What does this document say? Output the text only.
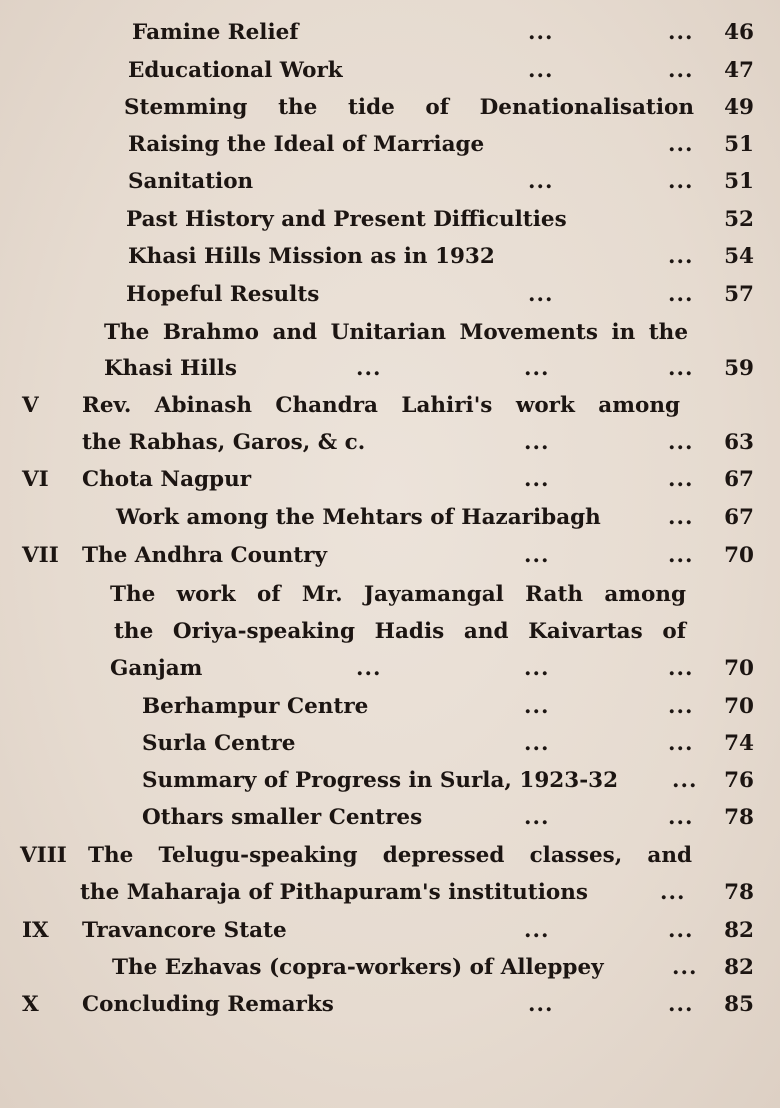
Famine Relief	...	... 46
Educational Work	...	... 47
Stemming the tide of Denationalisation 49
Raising the Ideal of Marriage	... 51
Sanitation	...	... 51
Past History and Present Difficulties	52
Khasi Hills Mission as in 1932	... 54
Hopeful Results	...	... 57
The Brahmo and Unitarian Movements in the
Khasi Hills	...	...	... 59
V Rev. Abinash Chandra Lahiri's work among
the Rabhas, Garos, & c.	...	... 63
VI Chota Nagpur	...	... 67
Work among the Mehtars of Hazaribagh	... 67
VII The Andhra Country	...	... 70
The work of Mr. Jayamangal Rath among
the Oriya-speaking Hadis and Kaivartas of
Ganjam	...	...	... 70
Berhampur Centre	...	... 70
Surla Centre	...	... 74
Summary of Progress in Surla, 1923-32	... 76
Othars smaller Centres	...	... 78
VIII The Telugu-speaking depressed classes, and
the Maharaja of Pithapuram's institutions	... 78
IX Travancore State	...	... 82
The Ezhavas (copra-workers) of Alleppey	... 82
X Concluding Remarks	...	... 85
